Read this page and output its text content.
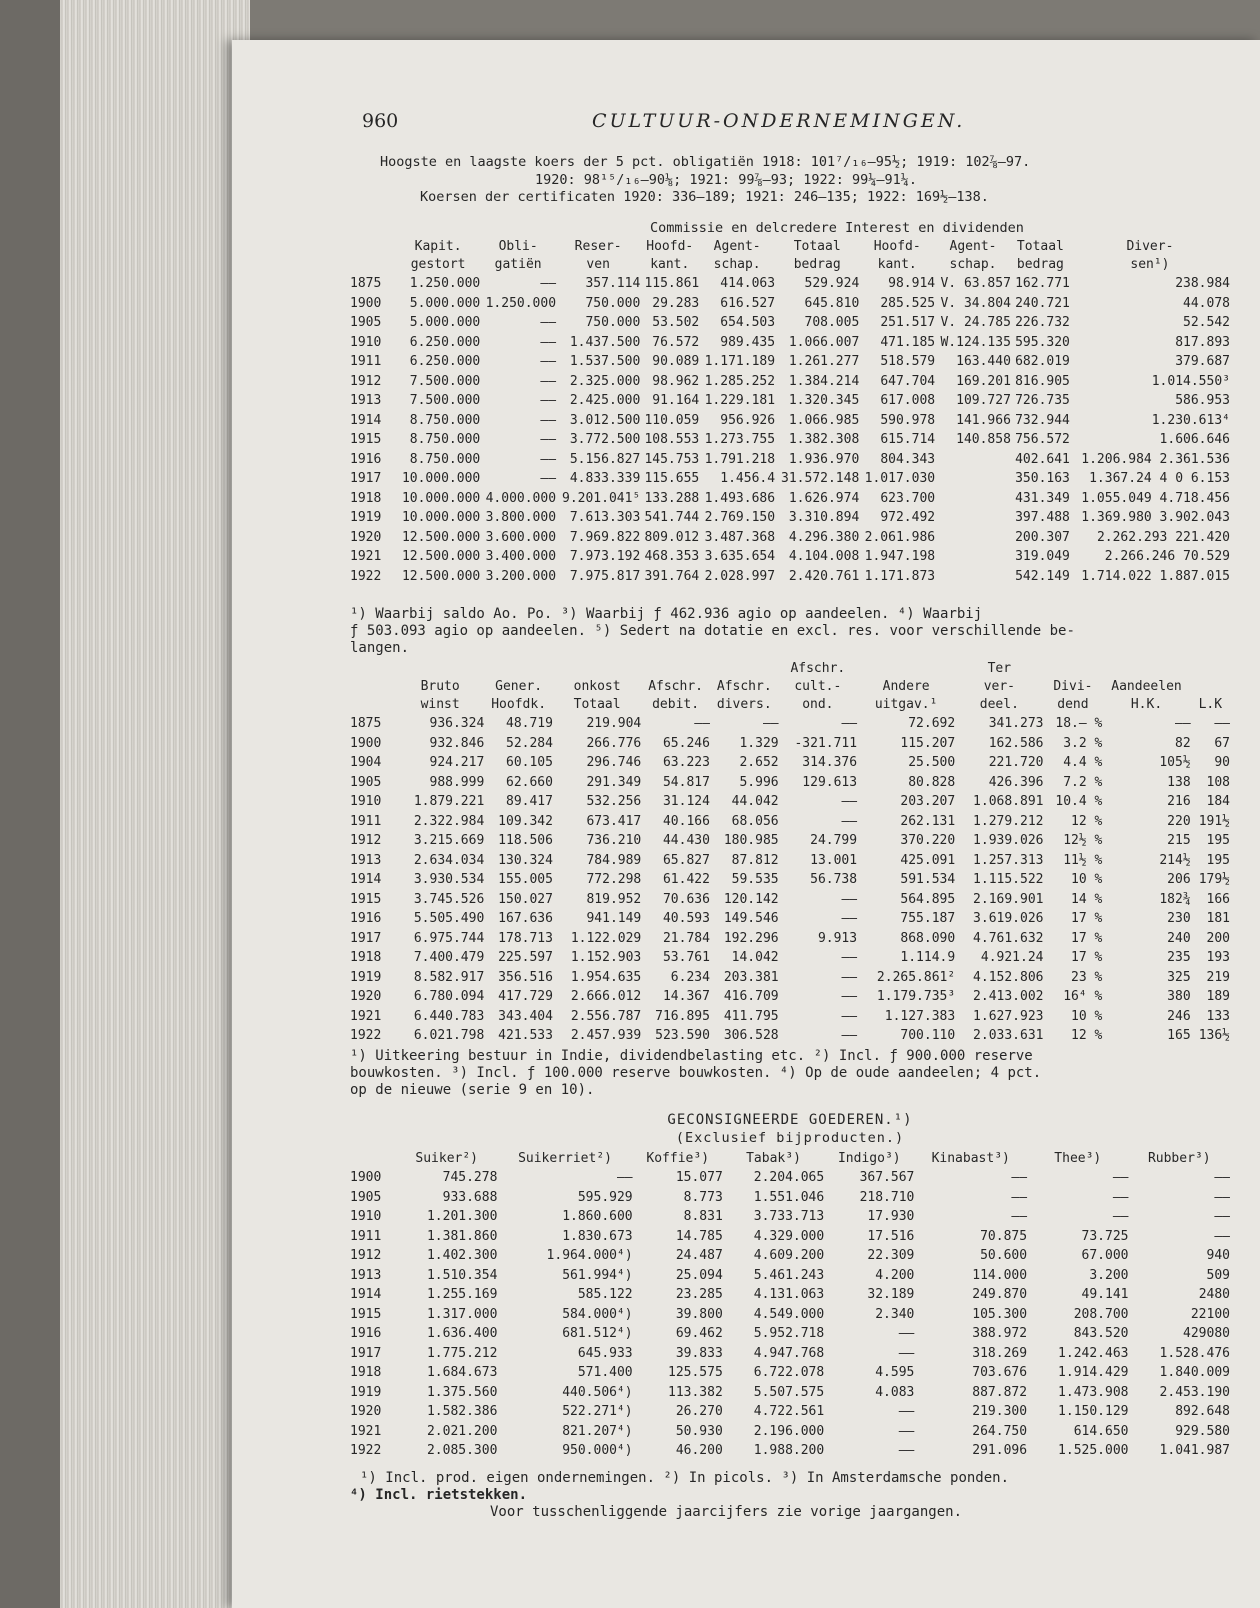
960	CULTUUR-ONDERNEMINGEN.
Hoogste en laagste koers der 5 pct. obligatiën 1918: 101⁷/₁₆—95½; 1919: 102⅞—97.
1920: 98¹⁵/₁₆—90⅛; 1921: 99⅞—93; 1922: 99¼—91¼.
Koersen der certificaten 1920: 336—189; 1921: 246—135; 1922: 169½—138.
Commissie en delcredere Interest en dividenden
	Kapit.	Obli-	Reser-	Hoofd-	Agent-	Totaal	Hoofd-	Agent-	Totaal	Diver-
	gestort	gatiën	ven	kant.	schap.	bedrag	kant.	schap.	bedrag	sen¹)
1875	1.250.000	——	357.114	115.861	414.063	529.924	98.914	V. 63.857	162.771	238.984
1900	5.000.000	1.250.000	750.000	29.283	616.527	645.810	285.525	V. 34.804	240.721	44.078
1905	5.000.000	——	750.000	53.502	654.503	708.005	251.517	V. 24.785	226.732	52.542
1910	6.250.000	——	1.437.500	76.572	989.435	1.066.007	471.185	W.124.135	595.320	817.893
1911	6.250.000	——	1.537.500	90.089	1.171.189	1.261.277	518.579	163.440	682.019	379.687
1912	7.500.000	——	2.325.000	98.962	1.285.252	1.384.214	647.704	169.201	816.905	1.014.550³
1913	7.500.000	——	2.425.000	91.164	1.229.181	1.320.345	617.008	109.727	726.735	586.953
1914	8.750.000	——	3.012.500	110.059	956.926	1.066.985	590.978	141.966	732.944	1.230.613⁴
1915	8.750.000	——	3.772.500	108.553	1.273.755	1.382.308	615.714	140.858	756.572	1.606.646
1916	8.750.000	——	5.156.827	145.753	1.791.218	1.936.970	804.343		402.641	1.206.984 2.361.536
1917	10.000.000	——	4.833.339	115.655	1.456.4	31.572.148	1.017.030		350.163	1.367.24 4 0 6.153
1918	10.000.000	4.000.000	9.201.041⁵	133.288	1.493.686	1.626.974	623.700		431.349	1.055.049 4.718.456
1919	10.000.000	3.800.000	7.613.303	541.744	2.769.150	3.310.894	972.492		397.488	1.369.980 3.902.043
1920	12.500.000	3.600.000	7.969.822	809.012	3.487.368	4.296.380	2.061.986		200.307	2.262.293 221.420
1921	12.500.000	3.400.000	7.973.192	468.353	3.635.654	4.104.008	1.947.198		319.049	2.266.246 70.529
1922	12.500.000	3.200.000	7.975.817	391.764	2.028.997	2.420.761	1.171.873		542.149	1.714.022 1.887.015
¹) Waarbij saldo Ao. Po. ³) Waarbij ƒ 462.936 agio op aandeelen. ⁴) Waarbij
ƒ 503.093 agio op aandeelen. ⁵) Sedert na dotatie en excl. res. voor verschillende be-
langen.
						Afschr.		Ter			
	Bruto	Gener.	onkost	Afschr.	Afschr.	cult.-	Andere	ver-	Divi-	Aandeelen	
	winst	Hoofdk.	Totaal	debit.	divers.	ond.	uitgav.¹	deel.	dend	H.K.	L.K
1875	936.324	48.719	219.904	——	——	——	72.692	341.273	18.— %	——	——
1900	932.846	52.284	266.776	65.246	1.329	-321.711	115.207	162.586	3.2 %	82	67
1904	924.217	60.105	296.746	63.223	2.652	314.376	25.500	221.720	4.4 %	105½	90
1905	988.999	62.660	291.349	54.817	5.996	129.613	80.828	426.396	7.2 %	138	108
1910	1.879.221	89.417	532.256	31.124	44.042	——	203.207	1.068.891	10.4 %	216	184
1911	2.322.984	109.342	673.417	40.166	68.056	——	262.131	1.279.212	12 %	220	191½
1912	3.215.669	118.506	736.210	44.430	180.985	24.799	370.220	1.939.026	12½ %	215	195
1913	2.634.034	130.324	784.989	65.827	87.812	13.001	425.091	1.257.313	11½ %	214½	195
1914	3.930.534	155.005	772.298	61.422	59.535	56.738	591.534	1.115.522	10 %	206	179½
1915	3.745.526	150.027	819.952	70.636	120.142	——	564.895	2.169.901	14 %	182¾	166
1916	5.505.490	167.636	941.149	40.593	149.546	——	755.187	3.619.026	17 %	230	181
1917	6.975.744	178.713	1.122.029	21.784	192.296	9.913	868.090	4.761.632	17 %	240	200
1918	7.400.479	225.597	1.152.903	53.761	14.042	——	1.114.9	4.921.24	17 %	235	193
1919	8.582.917	356.516	1.954.635	6.234	203.381	——	2.265.861²	4.152.806	23 %	325	219
1920	6.780.094	417.729	2.666.012	14.367	416.709	——	1.179.735³	2.413.002	16⁴ %	380	189
1921	6.440.783	343.404	2.556.787	716.895	411.795	——	1.127.383	1.627.923	10 %	246	133
1922	6.021.798	421.533	2.457.939	523.590	306.528	——	700.110	2.033.631	12 %	165	136½
¹) Uitkeering bestuur in Indie, dividendbelasting etc. ²) Incl. ƒ 900.000 reserve
bouwkosten. ³) Incl. ƒ 100.000 reserve bouwkosten. ⁴) Op de oude aandeelen; 4 pct.
op de nieuwe (serie 9 en 10).
GECONSIGNEERDE GOEDEREN.¹)
(Exclusief bijproducten.)
	Suiker²)	Suikerriet²)	Koffie³)	Tabak³)	Indigo³)	Kinabast³)	Thee³)	Rubber³)
1900	745.278	——	15.077	2.204.065	367.567	——	——	——
1905	933.688	595.929	8.773	1.551.046	218.710	——	——	——
1910	1.201.300	1.860.600	8.831	3.733.713	17.930	——	——	——
1911	1.381.860	1.830.673	14.785	4.329.000	17.516	70.875	73.725	——
1912	1.402.300	1.964.000⁴)	24.487	4.609.200	22.309	50.600	67.000	940
1913	1.510.354	561.994⁴)	25.094	5.461.243	4.200	114.000	3.200	509
1914	1.255.169	585.122	23.285	4.131.063	32.189	249.870	49.141	2480
1915	1.317.000	584.000⁴)	39.800	4.549.000	2.340	105.300	208.700	22100
1916	1.636.400	681.512⁴)	69.462	5.952.718	——	388.972	843.520	429080
1917	1.775.212	645.933	39.833	4.947.768	——	318.269	1.242.463	1.528.476
1918	1.684.673	571.400	125.575	6.722.078	4.595	703.676	1.914.429	1.840.009
1919	1.375.560	440.506⁴)	113.382	5.507.575	4.083	887.872	1.473.908	2.453.190
1920	1.582.386	522.271⁴)	26.270	4.722.561	——	219.300	1.150.129	892.648
1921	2.021.200	821.207⁴)	50.930	2.196.000	——	264.750	614.650	929.580
1922	2.085.300	950.000⁴)	46.200	1.988.200	——	291.096	1.525.000	1.041.987
¹) Incl. prod. eigen ondernemingen. ²) In picols. ³) In Amsterdamsche ponden.
⁴) Incl. rietstekken.
Voor tusschenliggende jaarcijfers zie vorige jaargangen.
